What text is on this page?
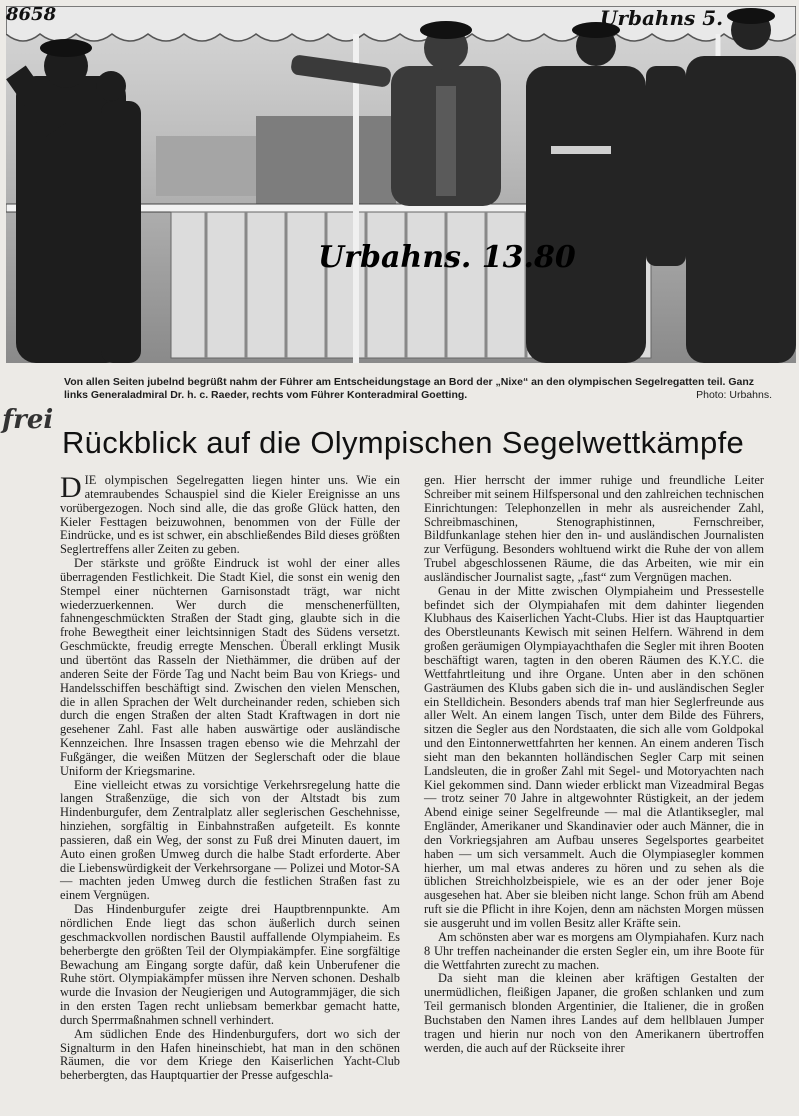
8658	Urbahns 5.
Urbahns. 13.80
frei
Von allen Seiten jubelnd begrüßt nahm der Führer am Entscheidungstage an Bord der „Nixe“ an den olympischen Segelregatten teil. Ganz links Generaladmiral Dr. h. c. Raeder, rechts vom Führer Konteradmiral Goetting.	Photo: Urbahns.
Rückblick auf die Olympischen Segelwettkämpfe

DIE olympischen Segelregatten liegen hinter uns. Wie ein atemraubendes Schauspiel sind die Kieler Ereignisse an uns vorübergezogen. Noch sind alle, die das große Glück hatten, den Kieler Festtagen beizuwohnen, benommen von der Fülle der Eindrücke, und es ist schwer, ein abschließendes Bild dieses größten Seglertreffens aller Zeiten zu geben.

Der stärkste und größte Eindruck ist wohl der einer alles überragenden Festlichkeit. Die Stadt Kiel, die sonst ein wenig den Stempel einer nüchternen Garnisonstadt trägt, war nicht wiederzuerkennen. Wer durch die menschenerfüllten, fahnengeschmückten Straßen der Stadt ging, glaubte sich in die frohe Bewegtheit einer leichtsinnigen Stadt des Südens versetzt. Geschmückte, freudig erregte Menschen. Überall erklingt Musik und übertönt das Rasseln der Niethämmer, die drüben auf der anderen Seite der Förde Tag und Nacht beim Bau von Kriegs- und Handelsschiffen beschäftigt sind. Zwischen den vielen Menschen, die in allen Sprachen der Welt durcheinander reden, schieben sich durch die engen Straßen der alten Stadt Kraftwagen in dort nie gesehener Zahl. Fast alle haben auswärtige oder ausländische Kennzeichen. Ihre Insassen tragen ebenso wie die Mehrzahl der Fußgänger, die weißen Mützen der Seglerschaft oder die blaue Uniform der Kriegsmarine.

Eine vielleicht etwas zu vorsichtige Verkehrsregelung hatte die langen Straßenzüge, die sich von der Altstadt bis zum Hindenburgufer, dem Zentralplatz aller seglerischen Geschehnisse, hinziehen, sorgfältig in Einbahnstraßen aufgeteilt. Es konnte passieren, daß ein Weg, der sonst zu Fuß drei Minuten dauert, im Auto einen großen Umweg durch die halbe Stadt erforderte. Aber die Liebenswürdigkeit der Verkehrsorgane — Polizei und Motor-SA — machten jeden Umweg durch die festlichen Straßen fast zu einem Vergnügen.

Das Hindenburgufer zeigte drei Hauptbrennpunkte. Am nördlichen Ende liegt das schon äußerlich durch seinen geschmackvollen nordischen Baustil auffallende Olympiaheim. Es beherbergte den größten Teil der Olympiakämpfer. Eine sorgfältige Bewachung am Eingang sorgte dafür, daß kein Unberufener die Ruhe stört. Olympiakämpfer müssen ihre Nerven schonen. Deshalb wurde die Invasion der Neugierigen und Autogrammjäger, die sich in den ersten Tagen recht unliebsam bemerkbar gemacht hatte, durch Sperrmaßnahmen schnell verhindert.

Am südlichen Ende des Hindenburgufers, dort wo sich der Signalturm in den Hafen hineinschiebt, hat man in den schönen Räumen, die vor dem Kriege den Kaiserlichen Yacht-Club beherbergten, das Hauptquartier der Presse aufgeschla-

gen. Hier herrscht der immer ruhige und freundliche Leiter Schreiber mit seinem Hilfspersonal und den zahlreichen technischen Einrichtungen: Telephonzellen in mehr als ausreichender Zahl, Schreibmaschinen, Stenographistinnen, Fernschreiber, Bildfunkanlage stehen hier den in- und ausländischen Journalisten zur Verfügung. Besonders wohltuend wirkt die Ruhe der von allem Trubel abgeschlossenen Räume, die das Arbeiten, wie mir ein ausländischer Journalist sagte, „fast“ zum Vergnügen machen.

Genau in der Mitte zwischen Olympiaheim und Pressestelle befindet sich der Olympiahafen mit dem dahinter liegenden Klubhaus des Kaiserlichen Yacht-Clubs. Hier ist das Hauptquartier des Oberstleunants Kewisch mit seinen Helfern. Während in dem großen geräumigen Olympiayachthafen die Segler mit ihren Booten beschäftigt waren, tagten in den oberen Räumen des K.Y.C. die Wettfahrtleitung und ihre Organe. Unten aber in den schönen Gasträumen des Klubs gaben sich die in- und ausländischen Segler ein Stelldichein. Besonders abends traf man hier Seglerfreunde aus aller Welt. An einem langen Tisch, unter dem Bilde des Führers, sitzen die Segler aus den Nordstaaten, die sich alle vom Goldpokal und den Eintonnerwettfahrten her kennen. An einem anderen Tisch sieht man den bekannten holländischen Segler Carp mit seinen Landsleuten, die in großer Zahl mit Segel- und Motoryachten nach Kiel gekommen sind. Dann wieder erblickt man Vizeadmiral Begas — trotz seiner 70 Jahre in altgewohnter Rüstigkeit, an der jedem Abend einige seiner Segelfreunde — mal die Atlantiksegler, mal Engländer, Amerikaner und Skandinavier oder auch Männer, die in den Vorkriegsjahren am Aufbau unseres Segelsportes gearbeitet haben — um sich versammelt. Auch die Olympiasegler kommen hierher, um mal etwas anderes zu hören und zu sehen als die üblichen Streichholzbeispiele, wie es an der oder jener Boje ausgesehen hat. Aber sie bleiben nicht lange. Schon früh am Abend ruft sie die Pflicht in ihre Kojen, denn am nächsten Morgen müssen sie ausgeruht und im vollen Besitz aller Kräfte sein.

Am schönsten aber war es morgens am Olympiahafen. Kurz nach 8 Uhr treffen nacheinander die ersten Segler ein, um ihre Boote für die Wettfahrten zurecht zu machen.

Da sieht man die kleinen aber kräftigen Gestalten der unermüdlichen, fleißigen Japaner, die großen schlanken und zum Teil germanisch blonden Argentinier, die Italiener, die in großen Buchstaben den Namen ihres Landes auf dem hellblauen Jumper tragen und hierin nur noch von den Amerikanern übertroffen werden, die auch auf der Rückseite ihrer
